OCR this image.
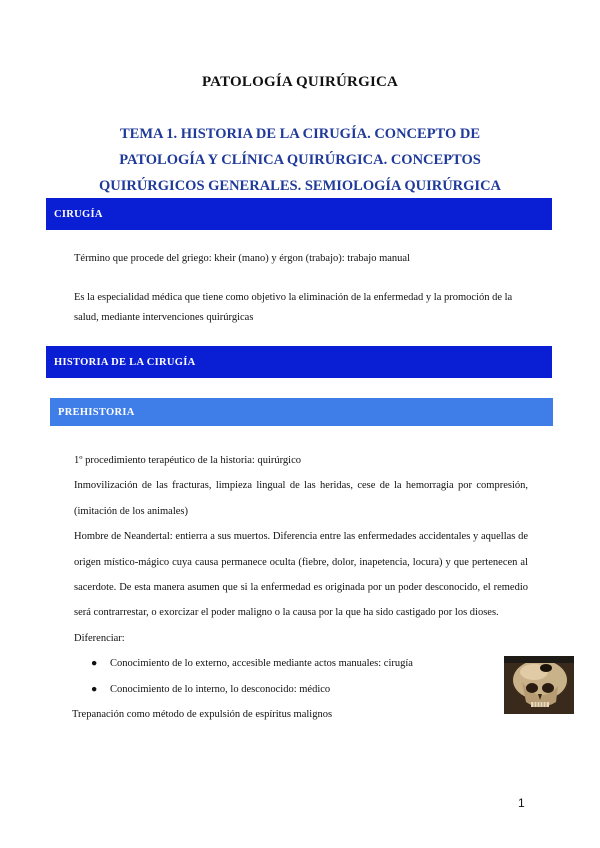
PATOLOGÍA QUIRÚRGICA
TEMA 1. HISTORIA DE LA CIRUGÍA. CONCEPTO DE
PATOLOGÍA Y CLÍNICA QUIRÚRGICA. CONCEPTOS
QUIRÚRGICOS GENERALES. SEMIOLOGÍA QUIRÚRGICA
CIRUGÍA
Término que procede del griego: kheir (mano) y érgon (trabajo): trabajo manual
Es la especialidad médica que tiene como objetivo la eliminación de la enfermedad y la promoción de la salud, mediante intervenciones quirúrgicas
HISTORIA DE LA CIRUGÍA
PREHISTORIA

1º procedimiento terapéutico de la historia: quirúrgico

Inmovilización de las fracturas, limpieza lingual de las heridas, cese de la hemorragia por compresión, (imitación de los animales)

Hombre de Neandertal: entierra a sus muertos. Diferencia entre las enfermedades accidentales y aquellas de origen místico-mágico cuya causa permanece oculta (fiebre, dolor, inapetencia, locura) y que pertenecen al sacerdote. De esta manera asumen que si la enfermedad es originada por un poder desconocido, el remedio será contrarrestar, o exorcizar el poder maligno o la causa por la que ha sido castigado por los dioses.

Diferenciar:

● Conocimiento de lo externo, accesible mediante actos manuales: cirugía
● Conocimiento de lo interno, lo desconocido: médico

Trepanación como método de expulsión de espíritus malignos

1
